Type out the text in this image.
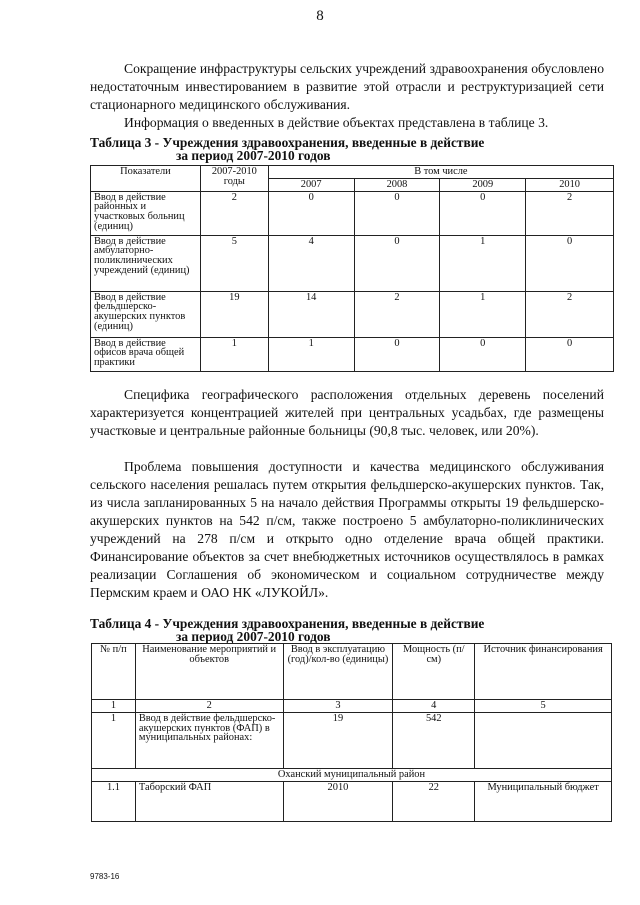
8

Сокращение инфраструктуры сельских учреждений здравоохранения обусловлено недостаточным инвестированием в развитие этой отрасли и реструктуризацией сети стационарного медицинского обслуживания.

Информация о введенных в действие объектах представлена в таблице 3.

Таблица 3 - Учреждения здравоохранения, введенные в действие
за период 2007-2010 годов
Показатели	2007-2010 годы	В том числе			
		2007	2008	2009	2010
Ввод в действие районных и участковых больниц (единиц)	2	0	0	0	2
Ввод в действие амбулаторно-поликлинических учреждений (единиц)	5	4	0	1	0
Ввод в действие фельдшерско-акушерских пунктов (единиц)	19	14	2	1	2
Ввод в действие офисов врача общей практики	1	1	0	0	0

Специфика географического расположения отдельных деревень поселений характеризуется концентрацией жителей при центральных усадьбах, где размещены участковые и центральные районные больницы (90,8 тыс. человек, или 20%).

Проблема повышения доступности и качества медицинского обслуживания сельского населения решалась путем открытия фельдшерско-акушерских пунктов. Так, из числа запланированных 5 на начало действия Программы открыты 19 фельдшерско-акушерских пунктов на 542 п/см, также построено 5 амбулаторно-поликлинических учреждений на 278 п/см и открыто одно отделение врача общей практики. Финансирование объектов за счет внебюджетных источников осуществлялось в рамках реализации Соглашения об экономическом и социальном сотрудничестве между Пермским краем и ОАО НК «ЛУКОЙЛ».

Таблица 4 - Учреждения здравоохранения, введенные в действие
за период 2007-2010 годов
№ п/п	Наименование мероприятий и объектов	Ввод в эксплуатацию (год)/кол-во (единицы)	Мощность (п/см)	Источник финансирования
1	2	3	4	5
1	Ввод в действие фельдшерско-акушерских пунктов (ФАП) в муниципальных районах:	19	542	
Оханский муниципальный район				
1.1	Таборский ФАП	2010	22	Муниципальный бюджет
9783-16
